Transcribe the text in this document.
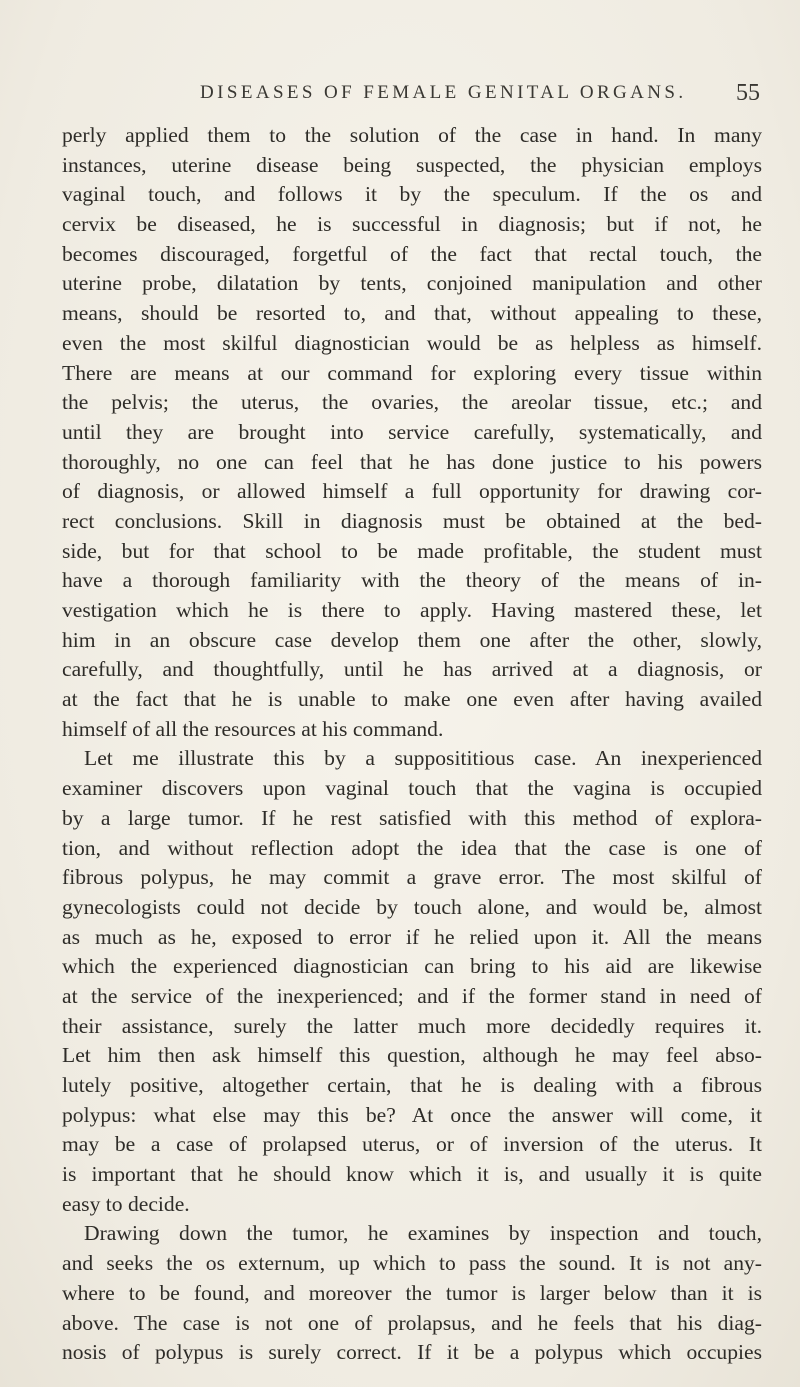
DISEASES OF FEMALE GENITAL ORGANS. 55
perly applied them to the solution of the case in hand. In many
instances, uterine disease being suspected, the physician employs
vaginal touch, and follows it by the speculum. If the os and
cervix be diseased, he is successful in diagnosis; but if not, he
becomes discouraged, forgetful of the fact that rectal touch, the
uterine probe, dilatation by tents, conjoined manipulation and other
means, should be resorted to, and that, without appealing to these,
even the most skilful diagnostician would be as helpless as himself.
There are means at our command for exploring every tissue within
the pelvis; the uterus, the ovaries, the areolar tissue, etc.; and
until they are brought into service carefully, systematically, and
thoroughly, no one can feel that he has done justice to his powers
of diagnosis, or allowed himself a full opportunity for drawing cor-
rect conclusions. Skill in diagnosis must be obtained at the bed-
side, but for that school to be made profitable, the student must
have a thorough familiarity with the theory of the means of in-
vestigation which he is there to apply. Having mastered these, let
him in an obscure case develop them one after the other, slowly,
carefully, and thoughtfully, until he has arrived at a diagnosis, or
at the fact that he is unable to make one even after having availed
himself of all the resources at his command.
Let me illustrate this by a supposititious case. An inexperienced
examiner discovers upon vaginal touch that the vagina is occupied
by a large tumor. If he rest satisfied with this method of explora-
tion, and without reflection adopt the idea that the case is one of
fibrous polypus, he may commit a grave error. The most skilful of
gynecologists could not decide by touch alone, and would be, almost
as much as he, exposed to error if he relied upon it. All the means
which the experienced diagnostician can bring to his aid are likewise
at the service of the inexperienced; and if the former stand in need of
their assistance, surely the latter much more decidedly requires it.
Let him then ask himself this question, although he may feel abso-
lutely positive, altogether certain, that he is dealing with a fibrous
polypus: what else may this be? At once the answer will come, it
may be a case of prolapsed uterus, or of inversion of the uterus. It
is important that he should know which it is, and usually it is quite
easy to decide.
Drawing down the tumor, he examines by inspection and touch,
and seeks the os externum, up which to pass the sound. It is not any-
where to be found, and moreover the tumor is larger below than it is
above. The case is not one of prolapsus, and he feels that his diag-
nosis of polypus is surely correct. If it be a polypus which occupies
